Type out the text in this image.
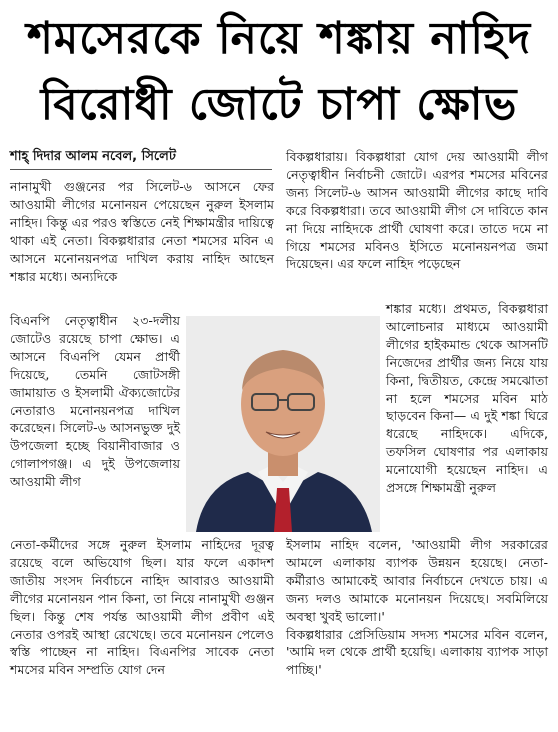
শমসেরকে নিয়ে শঙ্কায় নাহিদ
বিরোধী জোটে চাপা ক্ষোভ
শাহ্ দিদার আলম নবেল, সিলেট

নানামুখী গুঞ্জনের পর সিলেট-৬ আসনে ফের আওয়ামী লীগের মনোনয়ন পেয়েছেন নুরুল ইসলাম নাহিদ। কিন্তু এর পরও স্বস্তিতে নেই শিক্ষামন্ত্রীর দায়িত্বে থাকা এই নেতা। বিকল্পধারার নেতা শমসের মবিন এ আসনে মনোনয়নপত্র দাখিল করায় নাহিদ আছেন শঙ্কার মধ্যে। অন্যদিকে

বিএনপি নেতৃত্বাধীন ২৩-দলীয় জোটেও রয়েছে চাপা ক্ষোভ। এ আসনে বিএনপি যেমন প্রার্থী দিয়েছে, তেমনি জোটসঙ্গী জামায়াত ও ইসলামী ঐক্যজোটের নেতারাও মনোনয়নপত্র দাখিল করেছেন। সিলেট-৬ আসনভুক্ত দুই উপজেলা হচ্ছে বিয়ানীবাজার ও গোলাপগঞ্জ। এ দুই উপজেলায় আওয়ামী লীগ

নেতা-কর্মীদের সঙ্গে নুরুল ইসলাম নাহিদের দূরত্ব রয়েছে বলে অভিযোগ ছিল। যার ফলে একাদশ জাতীয় সংসদ নির্বাচনে নাহিদ আবারও আওয়ামী লীগের মনোনয়ন পান কিনা, তা নিয়ে নানামুখী গুঞ্জন ছিল। কিন্তু শেষ পর্যন্ত আওয়ামী লীগ প্রবীণ এই নেতার ওপরই আস্থা রেখেছে। তবে মনোনয়ন পেলেও স্বস্তি পাচ্ছেন না নাহিদ। বিএনপির সাবেক নেতা শমসের মবিন সম্প্রতি যোগ দেন

বিকল্পধারায়। বিকল্পধারা যোগ দেয় আওয়ামী লীগ নেতৃত্বাধীন নির্বাচনী জোটে। এরপর শমসের মবিনের জন্য সিলেট-৬ আসন আওয়ামী লীগের কাছে দাবি করে বিকল্পধারা। তবে আওয়ামী লীগ সে দাবিতে কান না দিয়ে নাহিদকে প্রার্থী ঘোষণা করে। তাতে দমে না গিয়ে শমসের মবিনও ইসিতে মনোনয়নপত্র জমা দিয়েছেন। এর ফলে নাহিদ পড়েছেন

শঙ্কার মধ্যে। প্রথমত, বিকল্পধারা আলোচনার মাধ্যমে আওয়ামী লীগের হাইকমান্ড থেকে আসনটি নিজেদের প্রার্থীর জন্য নিয়ে যায় কিনা, দ্বিতীয়ত, কেন্দ্রে সমঝোতা না হলে শমসের মবিন মাঠ ছাড়বেন কিনা— এ দুই শঙ্কা ঘিরে ধরেছে নাহিদকে। এদিকে, তফসিল ঘোষণার পর এলাকায় মনোযোগী হয়েছেন নাহিদ। এ প্রসঙ্গে শিক্ষামন্ত্রী নুরুল

ইসলাম নাহিদ বলেন, 'আওয়ামী লীগ সরকারের আমলে এলাকায় ব্যাপক উন্নয়ন হয়েছে। নেতা-কর্মীরাও আমাকেই আবার নির্বাচনে দেখতে চায়। এ জন্য দলও আমাকে মনোনয়ন দিয়েছে। সবমিলিয়ে অবস্থা খুবই ভালো।'

বিকল্পধারার প্রেসিডিয়াম সদস্য শমসের মবিন বলেন, 'আমি দল থেকে প্রার্থী হয়েছি। এলাকায় ব্যাপক সাড়া পাচ্ছি।'
